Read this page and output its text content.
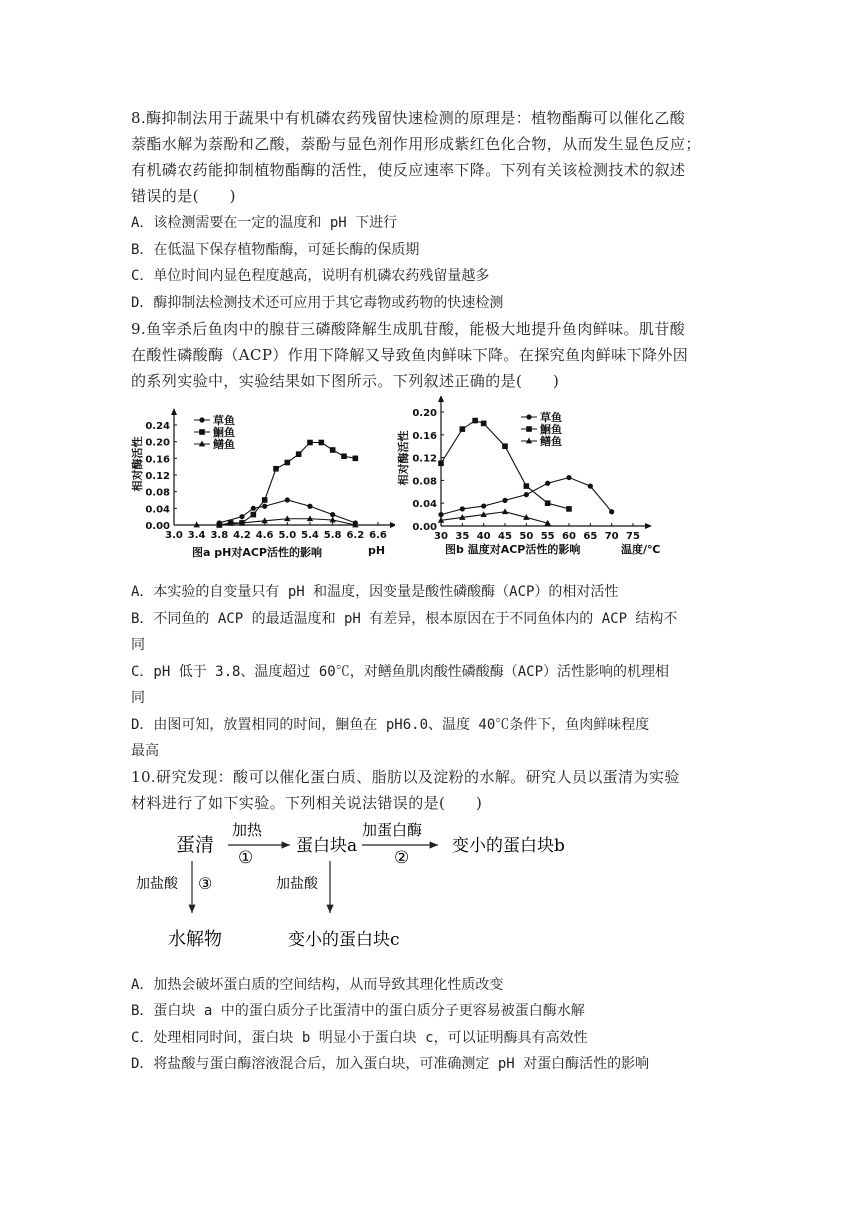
8.酶抑制法用于蔬果中有机磷农药残留快速检测的原理是：植物酯酶可以催化乙酸
萘酯水解为萘酚和乙酸，萘酚与显色剂作用形成紫红色化合物，从而发生显色反应；
有机磷农药能抑制植物酯酶的活性，使反应速率下降。下列有关该检测技术的叙述
错误的是(　　)
A．该检测需要在一定的温度和 pH 下进行
B．在低温下保存植物酯酶，可延长酶的保质期
C．单位时间内显色程度越高，说明有机磷农药残留量越多
D．酶抑制法检测技术还可应用于其它毒物或药物的快速检测
9.鱼宰杀后鱼肉中的腺苷三磷酸降解生成肌苷酸，能极大地提升鱼肉鲜味。肌苷酸
在酸性磷酸酶（ACP）作用下降解又导致鱼肉鲜味下降。在探究鱼肉鲜味下降外因
的系列实验中，实验结果如下图所示。下列叙述正确的是(　　)
3.0 3.4 3.8 4.2 4.6 5.0 5.4 5.8 6.2 6.6
0.24
0.20
0.16
0.12
0.08
0.04
0.00
相对酶活性
pH
图a pH对ACP活性的影响
草鱼
鮰鱼
鳝鱼
30 35 40 45 50 55 60 65 70 75
0.20
0.16
0.12
0.08
0.04
0.00
相对酶活性
温度/℃
图b 温度对ACP活性的影响
草鱼
鮰鱼
鳝鱼
A．本实验的自变量只有 pH 和温度，因变量是酸性磷酸酶（ACP）的相对活性
B．不同鱼的 ACP 的最适温度和 pH 有差异，根本原因在于不同鱼体内的 ACP 结构不
同
C．pH 低于 3.8、温度超过 60℃，对鳝鱼肌肉酸性磷酸酶（ACP）活性影响的机理相
同
D．由图可知，放置相同的时间，鮰鱼在 pH6.0、温度 40℃条件下，鱼肉鲜味程度
最高
10.研究发现：酸可以催化蛋白质、脂肪以及淀粉的水解。研究人员以蛋清为实验
材料进行了如下实验。下列相关说法错误的是(　　)
蛋清
加热
①
蛋白块a
加蛋白酶
②
变小的蛋白块b
加盐酸 ③
水解物
加盐酸
变小的蛋白块c
A．加热会破坏蛋白质的空间结构，从而导致其理化性质改变
B．蛋白块 a 中的蛋白质分子比蛋清中的蛋白质分子更容易被蛋白酶水解
C．处理相同时间，蛋白块 b 明显小于蛋白块 c，可以证明酶具有高效性
D．将盐酸与蛋白酶溶液混合后，加入蛋白块，可准确测定 pH 对蛋白酶活性的影响
